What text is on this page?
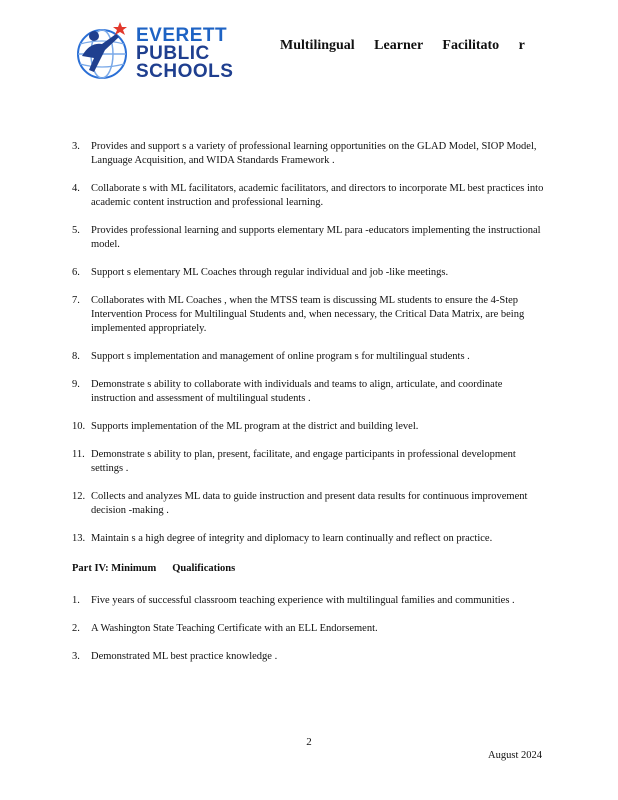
EVERETT
PUBLIC
SCHOOLS
Multilingual Learner Facilitato r
3. Provides and support s a variety of professional learning opportunities on the GLAD Model, SIOP Model, Language Acquisition, and WIDA Standards Framework .
4. Collaborate s with ML facilitators, academic facilitators, and directors to incorporate ML best practices into academic content instruction and professional learning.
5. Provides professional learning and supports elementary ML para -educators implementing the instructional model.
6. Support s elementary ML Coaches through regular individual and job -like meetings.
7. Collaborates with ML Coaches , when the MTSS team is discussing ML students to ensure the 4-Step Intervention Process for Multilingual Students and, when necessary, the Critical Data Matrix, are being implemented appropriately.
8. Support s implementation and management of online program s for multilingual students .
9. Demonstrate s ability to collaborate with individuals and teams to align, articulate, and coordinate instruction and assessment of multilingual students .
10. Supports implementation of the ML program at the district and building level.
11. Demonstrate s ability to plan, present, facilitate, and engage participants in professional development settings .
12. Collects and analyzes ML data to guide instruction and present data results for continuous improvement decision -making .
13. Maintain s a high degree of integrity and diplomacy to learn continually and reflect on practice.
Part IV: Minimum Qualifications
1. Five years of successful classroom teaching experience with multilingual families and communities .
2. A Washington State Teaching Certificate with an ELL Endorsement.
3. Demonstrated ML best practice knowledge .
2
August 2024
